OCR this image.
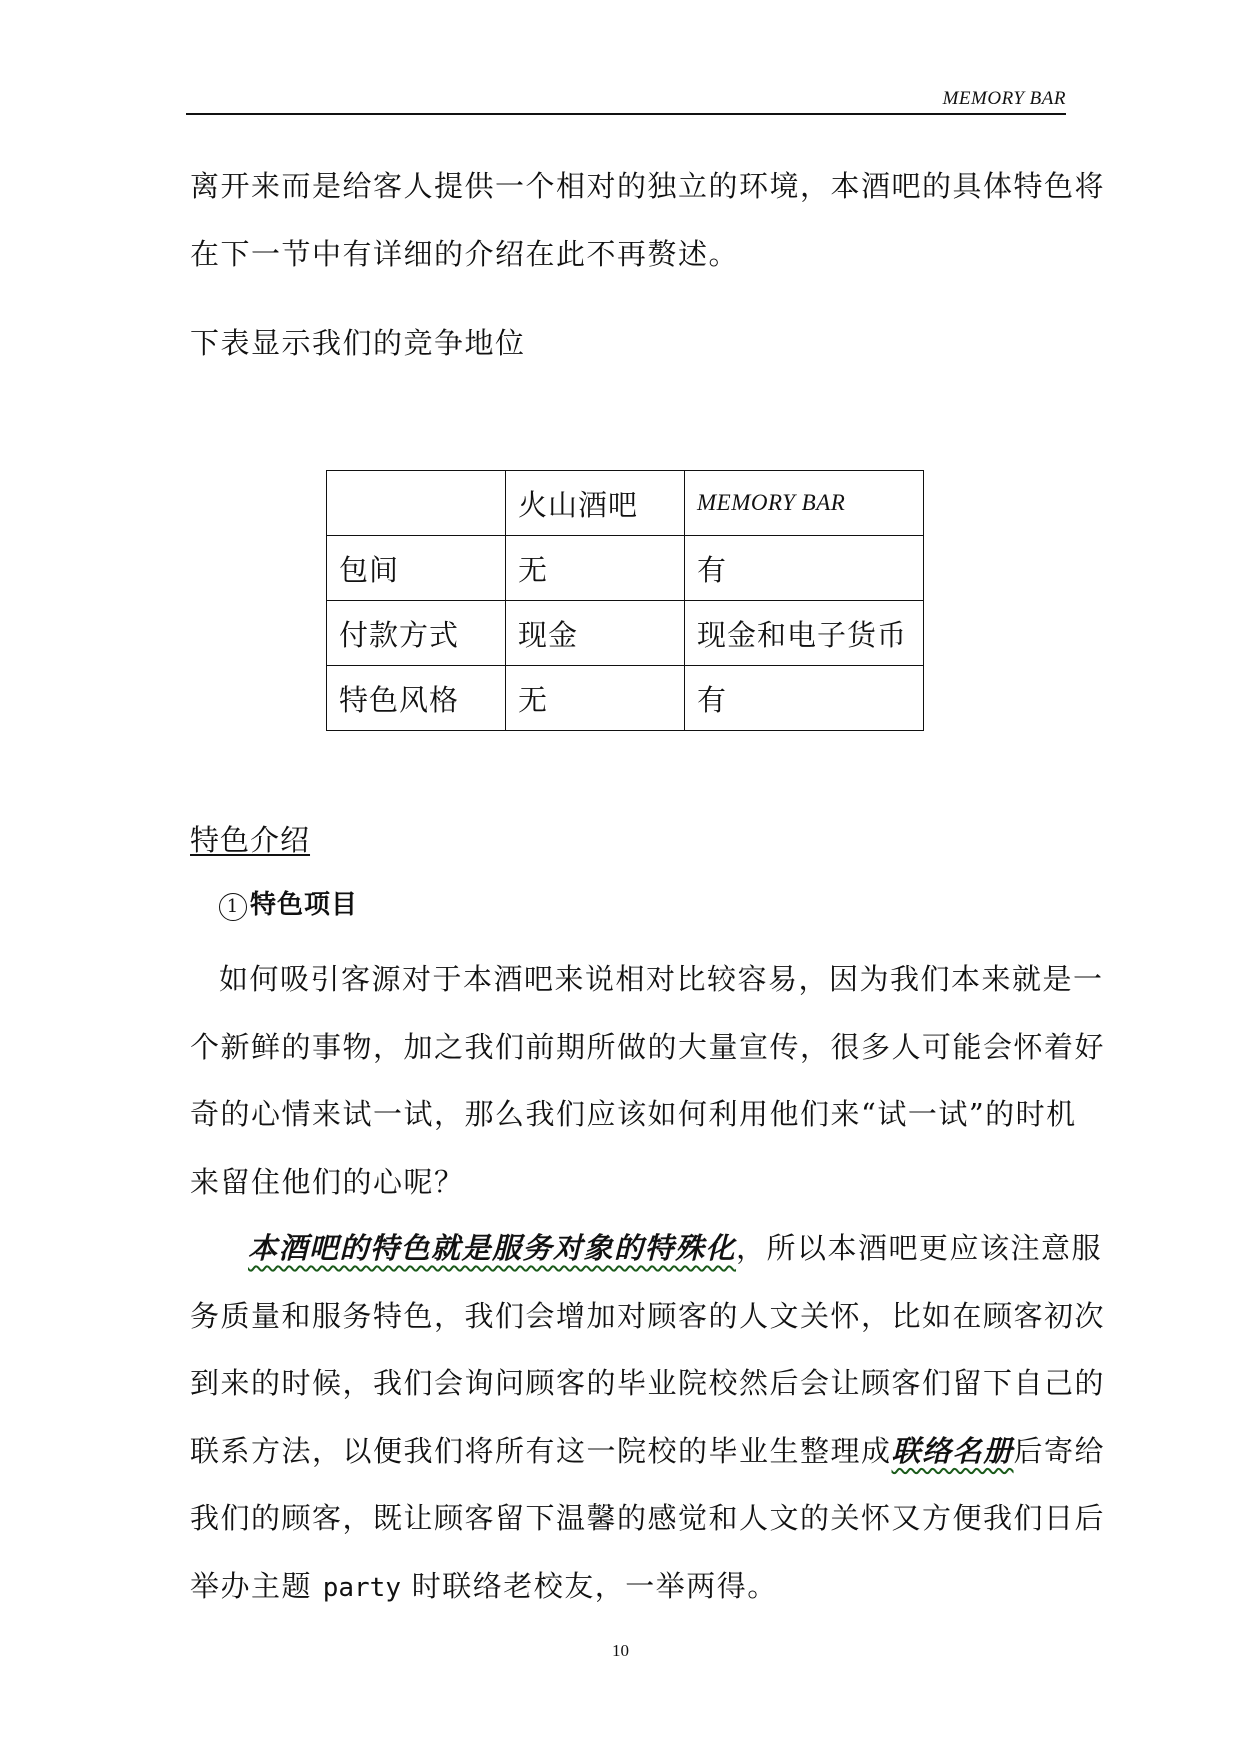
MEMORY BAR

离开来而是给客人提供一个相对的独立的环境，本酒吧的具体特色将
在下一节中有详细的介绍在此不再赘述。

下表显示我们的竞争地位

	火山酒吧	MEMORY BAR
包间	无	有
付款方式	现金	现金和电子货币
特色风格	无	有
特色介绍
1 特色项目

如何吸引客源对于本酒吧来说相对比较容易，因为我们本来就是一
个新鲜的事物，加之我们前期所做的大量宣传，很多人可能会怀着好
奇的心情来试一试，那么我们应该如何利用他们来“试一试”的时机
来留住他们的心呢？

本酒吧的特色就是服务对象的特殊化，所以本酒吧更应该注意服
务质量和服务特色，我们会增加对顾客的人文关怀，比如在顾客初次
到来的时候，我们会询问顾客的毕业院校然后会让顾客们留下自己的
联系方法，以便我们将所有这一院校的毕业生整理成联络名册后寄给
我们的顾客，既让顾客留下温馨的感觉和人文的关怀又方便我们日后
举办主题 party 时联络老校友，一举两得。

10
